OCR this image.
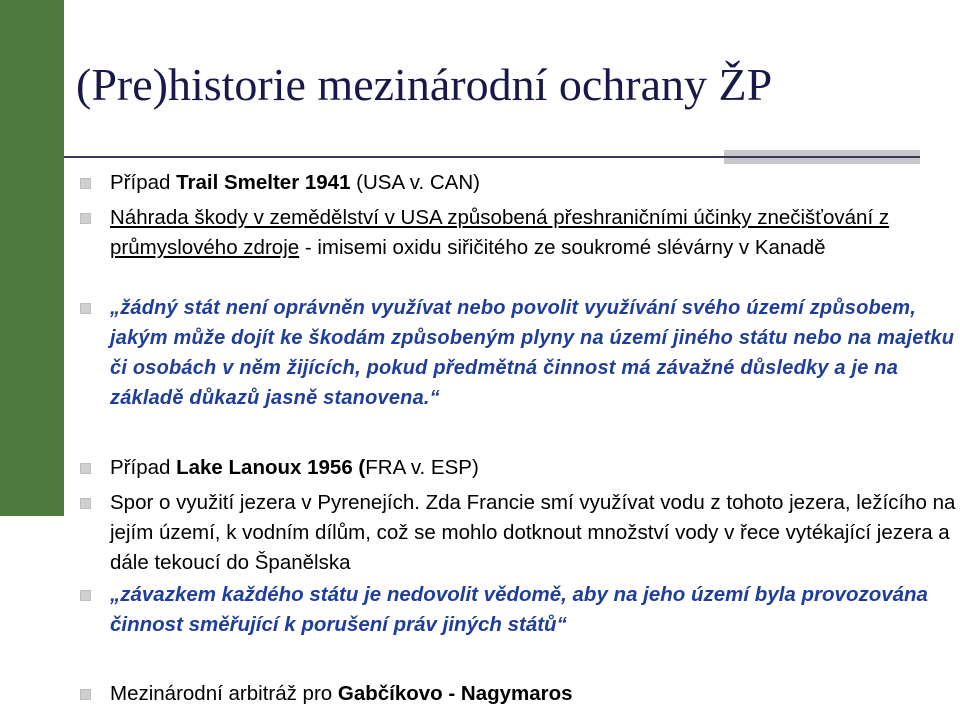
(Pre)historie mezinárodní ochrany ŽP
Případ Trail Smelter 1941 (USA v. CAN)
Náhrada škody v zemědělství v USA způsobená přeshraničními účinky znečišťování z průmyslového zdroje - imisemi oxidu siřičitého ze soukromé slévárny v Kanadě
„žádný stát není oprávněn využívat nebo povolit využívání svého území způsobem, jakým může dojít ke škodám způsobeným plyny na území jiného státu nebo na majetku či osobách v něm žijících, pokud předmětná činnost má závažné důsledky a je na základě důkazů jasně stanovena.“
Případ Lake Lanoux 1956 (FRA v. ESP)
Spor o využití jezera v Pyrenejích. Zda Francie smí využívat vodu z tohoto jezera, ležícího na jejím území, k vodním dílům, což se mohlo dotknout množství vody v řece vytékající jezera a dále tekoucí do Španělska
„závazkem každého státu je nedovolit vědomě, aby na jeho území byla provozována činnost směřující k porušení práv jiných států“
Mezinárodní arbitráž pro Gabčíkovo - Nagymaros
